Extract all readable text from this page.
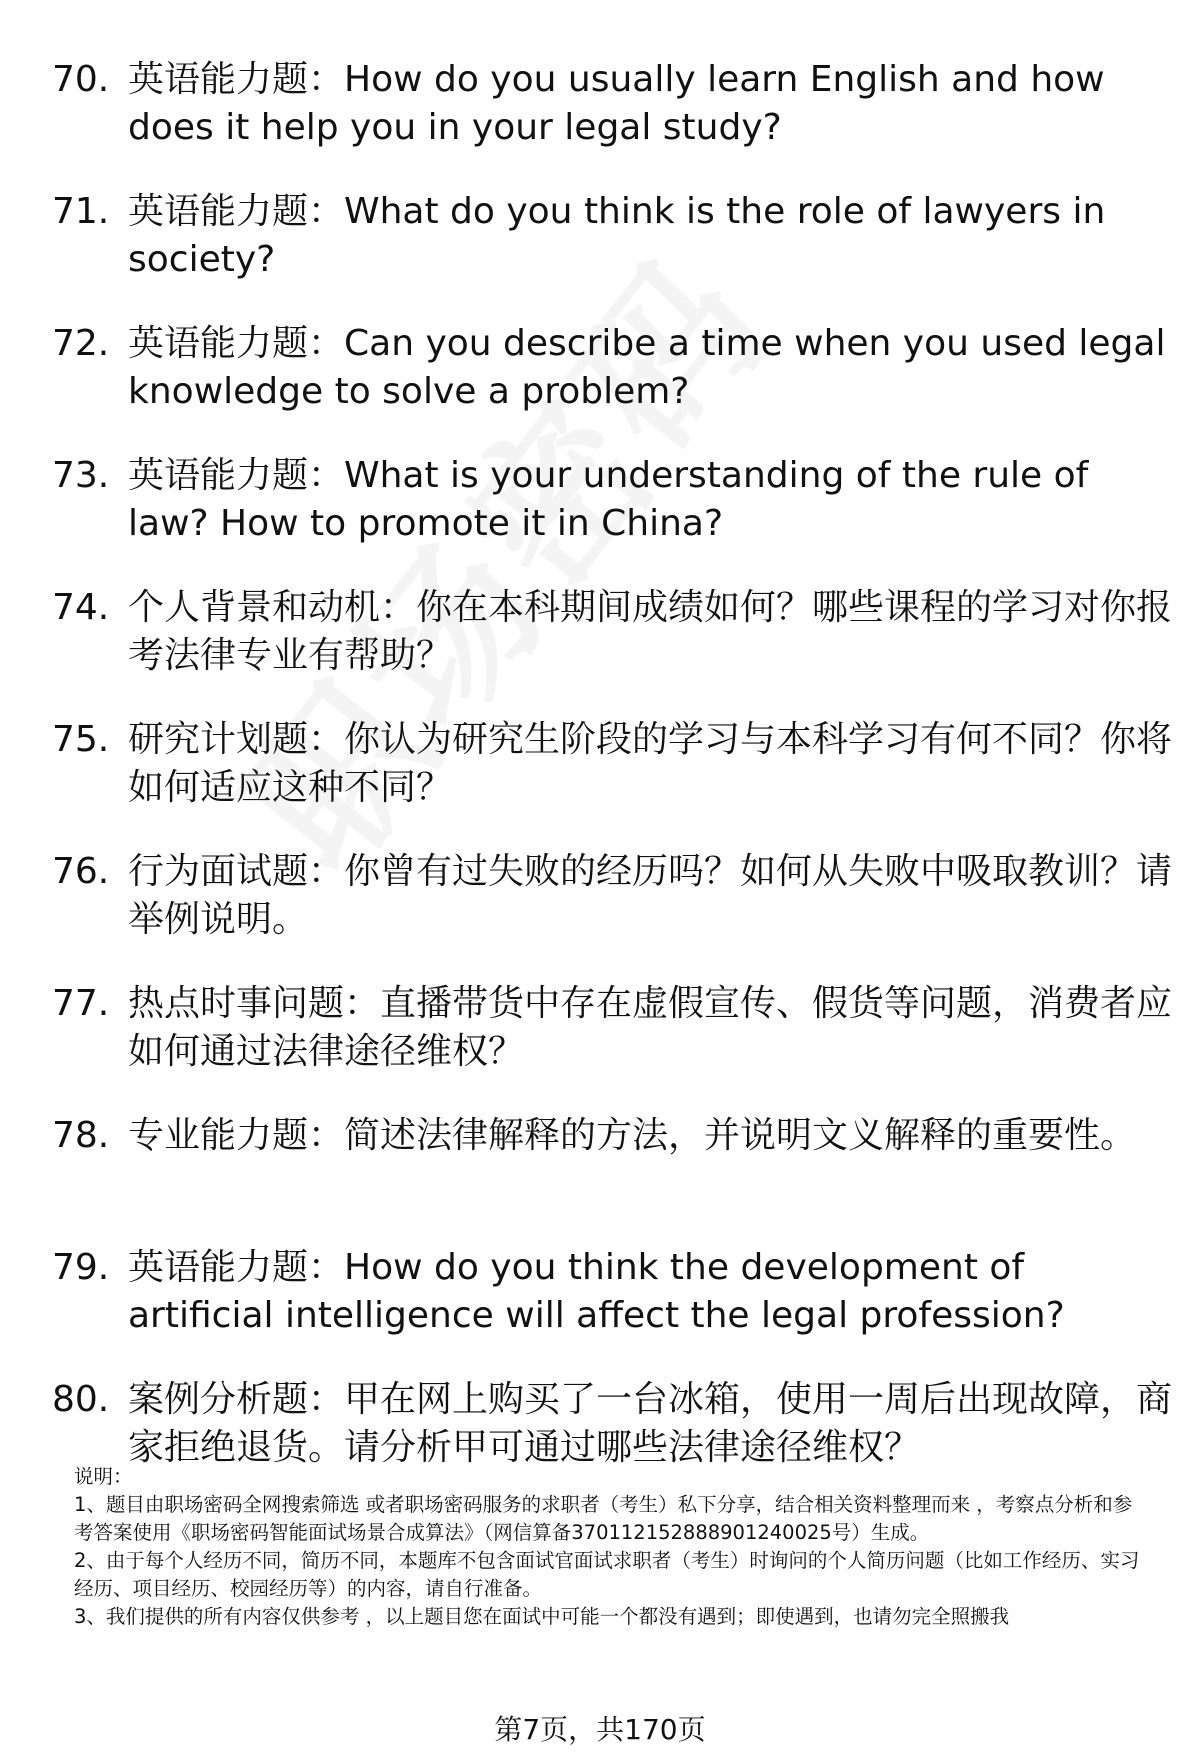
70. 英语能力题：How do you usually learn English and how does it help you in your legal study?
71. 英语能力题：What do you think is the role of lawyers in society?
72. 英语能力题：Can you describe a time when you used legal knowledge to solve a problem?
73. 英语能力题：What is your understanding of the rule of law? How to promote it in China?
74. 个人背景和动机：你在本科期间成绩如何？哪些课程的学习对你报考法律专业有帮助？
75. 研究计划题：你认为研究生阶段的学习与本科学习有何不同？你将如何适应这种不同？
76. 行为面试题：你曾有过失败的经历吗？如何从失败中吸取教训？请举例说明。
77. 热点时事问题：直播带货中存在虚假宣传、假货等问题，消费者应如何通过法律途径维权？
78. 专业能力题：简述法律解释的方法，并说明文义解释的重要性。
79. 英语能力题：How do you think the development of artificial intelligence will affect the legal profession?
80. 案例分析题：甲在网上购买了一台冰箱，使用一周后出现故障，商家拒绝退货。请分析甲可通过哪些法律途径维权？

说明：

1、题目由职场密码全网搜索筛选 或者职场密码服务的求职者（考生）私下分享，结合相关资料整理而来 ，考察点分析和参考答案使用《职场密码智能面试场景合成算法》（网信算备370112152888901240025号）生成。

2、由于每个人经历不同，简历不同，本题库不包含面试官面试求职者（考生）时询问的个人简历问题（比如工作经历、实习经历、项目经历、校园经历等）的内容，请自行准备。

3、我们提供的所有内容仅供参考 ，以上题目您在面试中可能一个都没有遇到；即使遇到，也请勿完全照搬我

第7页，共170页
